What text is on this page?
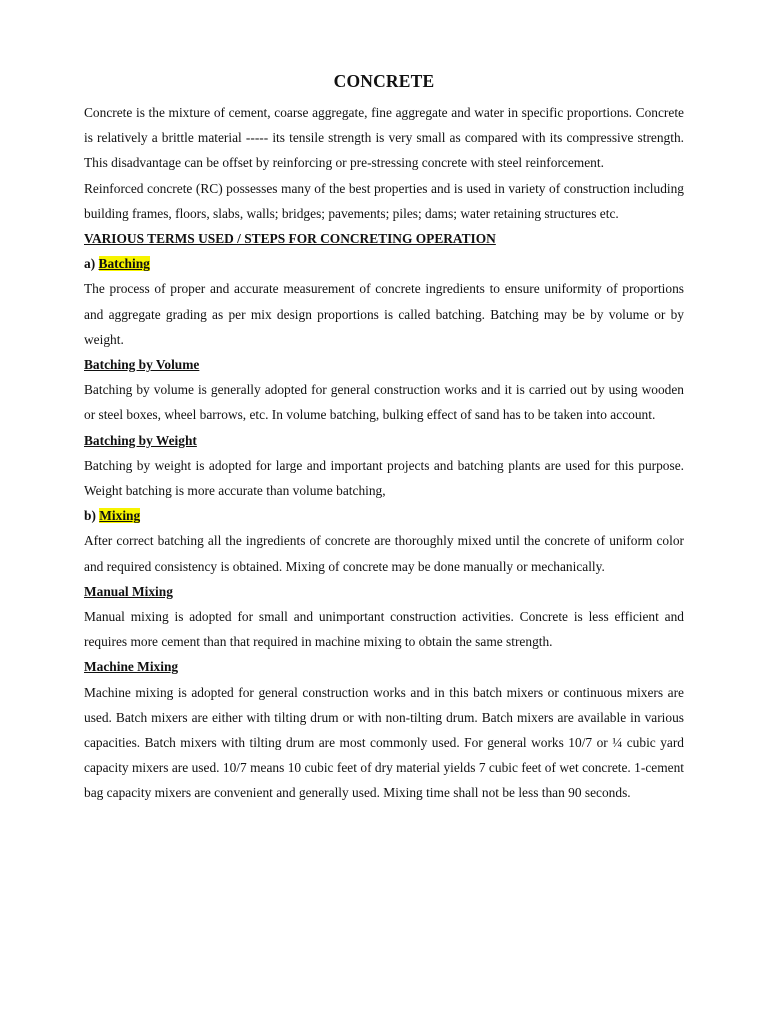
CONCRETE

Concrete is the mixture of cement, coarse aggregate, fine aggregate and water in specific proportions. Concrete is relatively a brittle material ----- its tensile strength is very small as compared with its compressive strength. This disadvantage can be offset by reinforcing or pre-stressing concrete with steel reinforcement.

Reinforced concrete (RC) possesses many of the best properties and is used in variety of construction including building frames, floors, slabs, walls; bridges; pavements; piles; dams; water retaining structures etc.

VARIOUS TERMS USED / STEPS FOR CONCRETING OPERATION

a) Batching

The process of proper and accurate measurement of concrete ingredients to ensure uniformity of proportions and aggregate grading as per mix design proportions is called batching. Batching may be by volume or by weight.

Batching by Volume

Batching by volume is generally adopted for general construction works and it is carried out by using wooden or steel boxes, wheel barrows, etc. In volume batching, bulking effect of sand has to be taken into account.

Batching by Weight

Batching by weight is adopted for large and important projects and batching plants are used for this purpose. Weight batching is more accurate than volume batching,

b) Mixing

After correct batching all the ingredients of concrete are thoroughly mixed until the concrete of uniform color and required consistency is obtained. Mixing of concrete may be done manually or mechanically.

Manual Mixing

Manual mixing is adopted for small and unimportant construction activities. Concrete is less efficient and requires more cement than that required in machine mixing to obtain the same strength.

Machine Mixing

Machine mixing is adopted for general construction works and in this batch mixers or continuous mixers are used. Batch mixers are either with tilting drum or with non-tilting drum. Batch mixers are available in various capacities. Batch mixers with tilting drum are most commonly used. For general works 10/7 or ¼ cubic yard capacity mixers are used. 10/7 means 10 cubic feet of dry material yields 7 cubic feet of wet concrete. 1-cement bag capacity mixers are convenient and generally used. Mixing time shall not be less than 90 seconds.
